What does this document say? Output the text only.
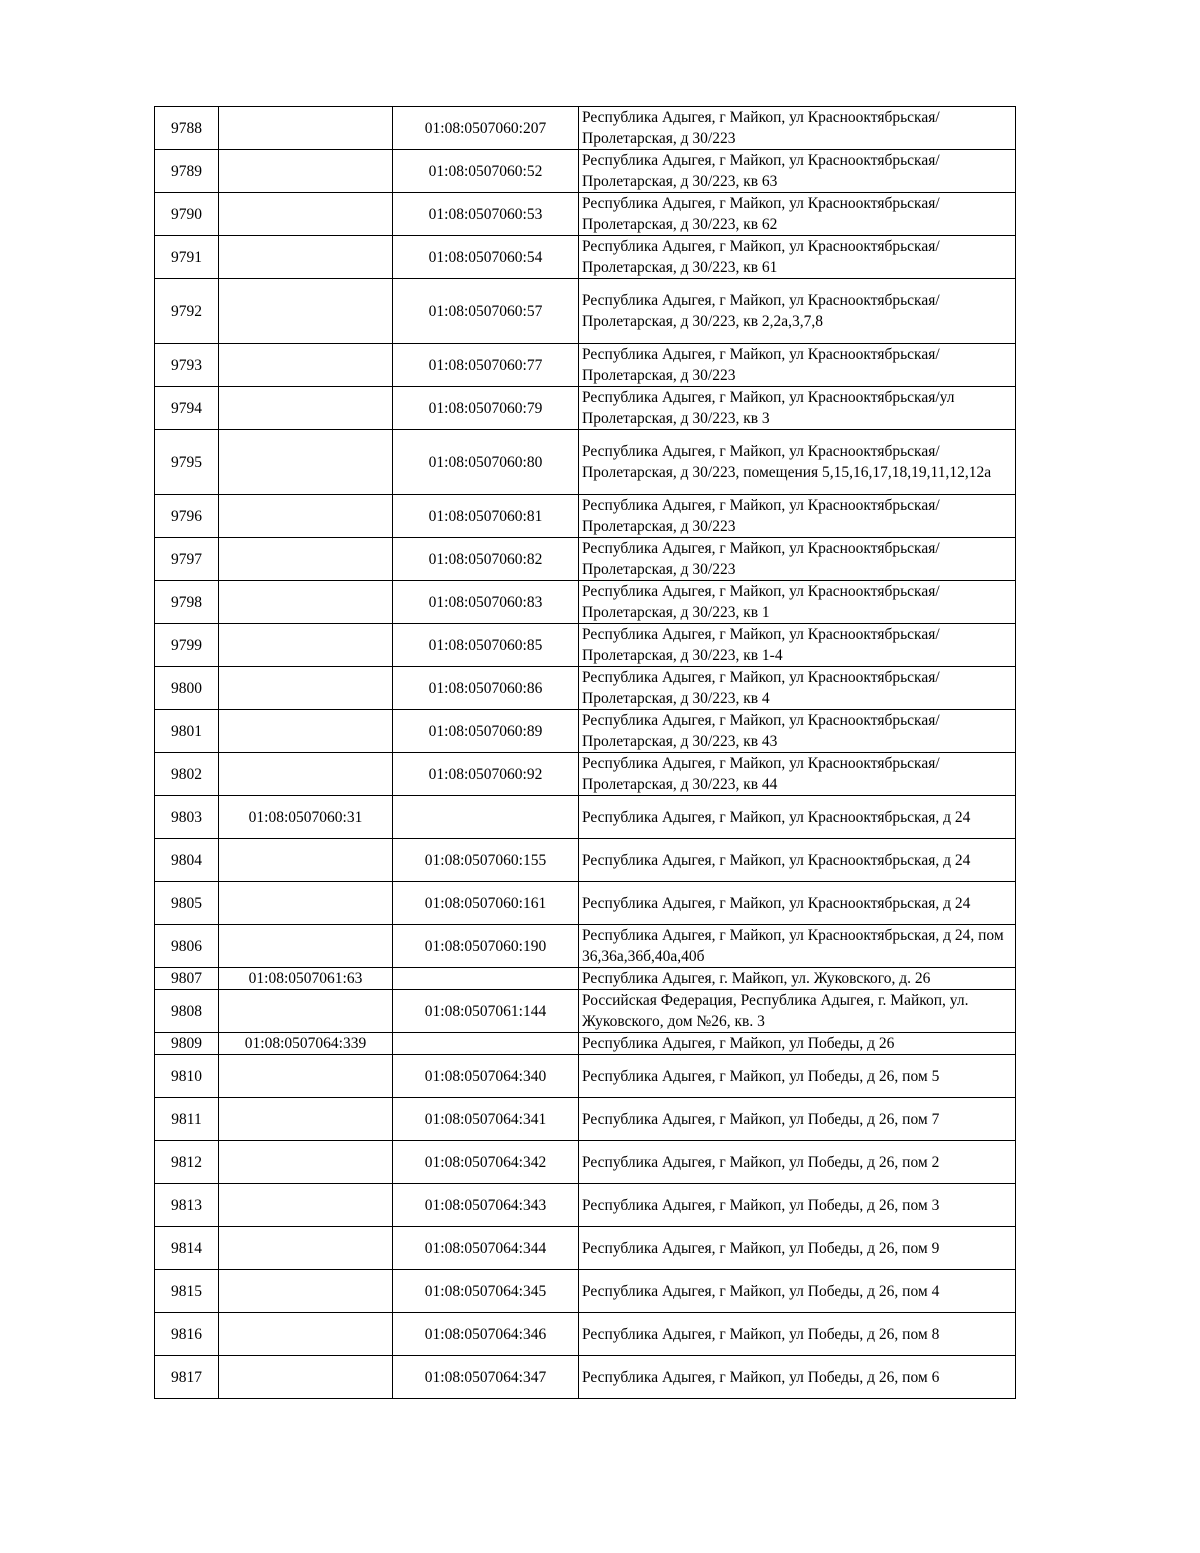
9788		01:08:0507060:207	Республика Адыгея, г Майкоп, ул Краснооктябрьская/Пролетарская, д 30/223
9789		01:08:0507060:52	Республика Адыгея, г Майкоп, ул Краснооктябрьская/Пролетарская, д 30/223, кв 63
9790		01:08:0507060:53	Республика Адыгея, г Майкоп, ул Краснооктябрьская/Пролетарская, д 30/223, кв 62
9791		01:08:0507060:54	Республика Адыгея, г Майкоп, ул Краснооктябрьская/Пролетарская, д 30/223, кв 61
9792		01:08:0507060:57	Республика Адыгея, г Майкоп, ул Краснооктябрьская/Пролетарская, д 30/223, кв 2,2а,3,7,8
9793		01:08:0507060:77	Республика Адыгея, г Майкоп, ул Краснооктябрьская/Пролетарская, д 30/223
9794		01:08:0507060:79	Республика Адыгея, г Майкоп, ул Краснооктябрьская/ул Пролетарская, д 30/223, кв 3
9795		01:08:0507060:80	Республика Адыгея, г Майкоп, ул Краснооктябрьская/Пролетарская, д 30/223, помещения 5,15,16,17,18,19,11,12,12а
9796		01:08:0507060:81	Республика Адыгея, г Майкоп, ул Краснооктябрьская/Пролетарская, д 30/223
9797		01:08:0507060:82	Республика Адыгея, г Майкоп, ул Краснооктябрьская/Пролетарская, д 30/223
9798		01:08:0507060:83	Республика Адыгея, г Майкоп, ул Краснооктябрьская/Пролетарская, д 30/223, кв 1
9799		01:08:0507060:85	Республика Адыгея, г Майкоп, ул Краснооктябрьская/Пролетарская, д 30/223, кв 1-4
9800		01:08:0507060:86	Республика Адыгея, г Майкоп, ул Краснооктябрьская/Пролетарская, д 30/223, кв 4
9801		01:08:0507060:89	Республика Адыгея, г Майкоп, ул Краснооктябрьская/Пролетарская, д 30/223, кв 43
9802		01:08:0507060:92	Республика Адыгея, г Майкоп, ул Краснооктябрьская/Пролетарская, д 30/223, кв 44
9803	01:08:0507060:31		Республика Адыгея, г Майкоп, ул Краснооктябрьская, д 24
9804		01:08:0507060:155	Республика Адыгея, г Майкоп, ул Краснооктябрьская, д 24
9805		01:08:0507060:161	Республика Адыгея, г Майкоп, ул Краснооктябрьская, д 24
9806		01:08:0507060:190	Республика Адыгея, г Майкоп, ул Краснооктябрьская, д 24, пом 36,36а,36б,40а,40б
9807	01:08:0507061:63		Республика Адыгея, г. Майкоп, ул. Жуковского, д. 26
9808		01:08:0507061:144	Российская Федерация, Республика Адыгея, г. Майкоп, ул. Жуковского, дом №26, кв. 3
9809	01:08:0507064:339		Республика Адыгея, г Майкоп, ул Победы, д 26
9810		01:08:0507064:340	Республика Адыгея, г Майкоп, ул Победы, д 26, пом 5
9811		01:08:0507064:341	Республика Адыгея, г Майкоп, ул Победы, д 26, пом 7
9812		01:08:0507064:342	Республика Адыгея, г Майкоп, ул Победы, д 26, пом 2
9813		01:08:0507064:343	Республика Адыгея, г Майкоп, ул Победы, д 26, пом 3
9814		01:08:0507064:344	Республика Адыгея, г Майкоп, ул Победы, д 26, пом 9
9815		01:08:0507064:345	Республика Адыгея, г Майкоп, ул Победы, д 26, пом 4
9816		01:08:0507064:346	Республика Адыгея, г Майкоп, ул Победы, д 26, пом 8
9817		01:08:0507064:347	Республика Адыгея, г Майкоп, ул Победы, д 26, пом 6
